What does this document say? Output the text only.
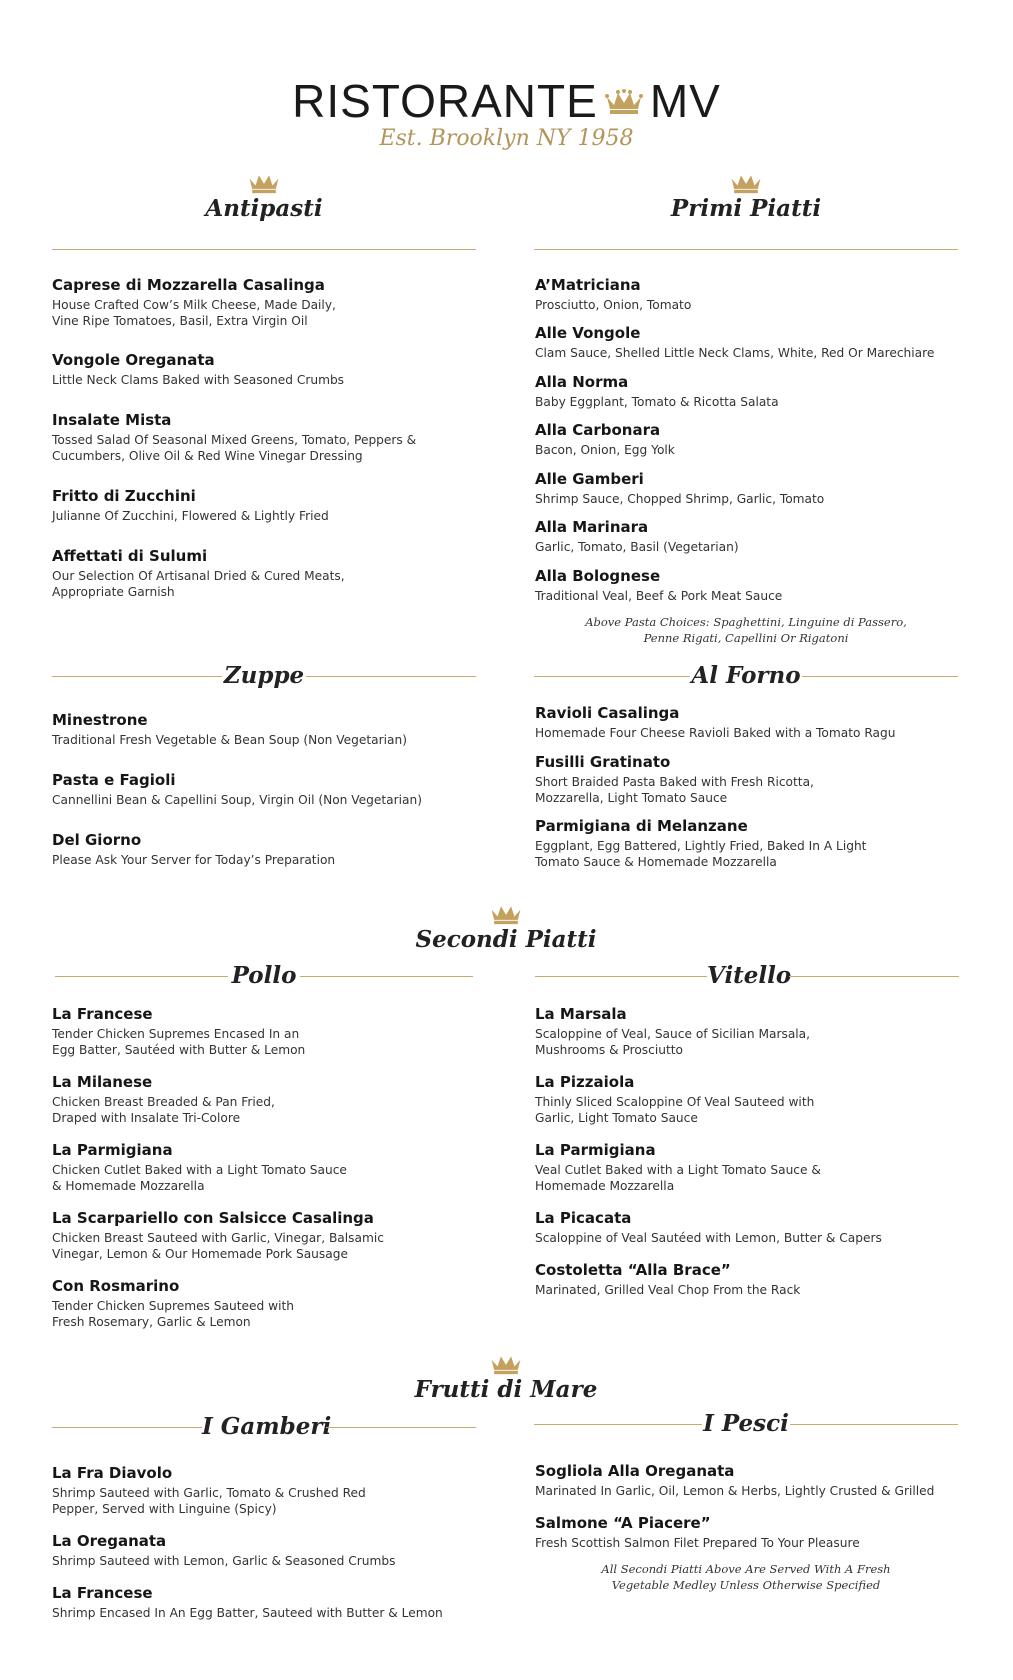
RISTORANTE MV
Est. Brooklyn NY 1958
Antipasti
Caprese di Mozzarella Casalinga
House Crafted Cow’s Milk Cheese, Made Daily,
Vine Ripe Tomatoes, Basil, Extra Virgin Oil
Vongole Oreganata
Little Neck Clams Baked with Seasoned Crumbs
Insalate Mista
Tossed Salad Of Seasonal Mixed Greens, Tomato, Peppers &
Cucumbers, Olive Oil & Red Wine Vinegar Dressing
Fritto di Zucchini
Julianne Of Zucchini, Flowered & Lightly Fried
Affettati di Sulumi
Our Selection Of Artisanal Dried & Cured Meats,
Appropriate Garnish
Primi Piatti
A’Matriciana
Prosciutto, Onion, Tomato
Alle Vongole
Clam Sauce, Shelled Little Neck Clams, White, Red Or Marechiare
Alla Norma
Baby Eggplant, Tomato & Ricotta Salata
Alla Carbonara
Bacon, Onion, Egg Yolk
Alle Gamberi
Shrimp Sauce, Chopped Shrimp, Garlic, Tomato
Alla Marinara
Garlic, Tomato, Basil (Vegetarian)
Alla Bolognese
Traditional Veal, Beef & Pork Meat Sauce
Above Pasta Choices: Spaghettini, Linguine di Passero,
Penne Rigati, Capellini Or Rigatoni
Zuppe
Minestrone
Traditional Fresh Vegetable & Bean Soup (Non Vegetarian)
Pasta e Fagioli
Cannellini Bean & Capellini Soup, Virgin Oil (Non Vegetarian)
Del Giorno
Please Ask Your Server for Today’s Preparation
Al Forno
Ravioli Casalinga
Homemade Four Cheese Ravioli Baked with a Tomato Ragu
Fusilli Gratinato
Short Braided Pasta Baked with Fresh Ricotta,
Mozzarella, Light Tomato Sauce
Parmigiana di Melanzane
Eggplant, Egg Battered, Lightly Fried, Baked In A Light
Tomato Sauce & Homemade Mozzarella
Secondi Piatti
Pollo	Vitello
La Francese
Tender Chicken Supremes Encased In an
Egg Batter, Sautéed with Butter & Lemon
La Milanese
Chicken Breast Breaded & Pan Fried,
Draped with Insalate Tri-Colore
La Parmigiana
Chicken Cutlet Baked with a Light Tomato Sauce
& Homemade Mozzarella
La Scarpariello con Salsicce Casalinga
Chicken Breast Sauteed with Garlic, Vinegar, Balsamic
Vinegar, Lemon & Our Homemade Pork Sausage
Con Rosmarino
Tender Chicken Supremes Sauteed with
Fresh Rosemary, Garlic & Lemon
La Marsala
Scaloppine of Veal, Sauce of Sicilian Marsala,
Mushrooms & Prosciutto
La Pizzaiola
Thinly Sliced Scaloppine Of Veal Sauteed with
Garlic, Light Tomato Sauce
La Parmigiana
Veal Cutlet Baked with a Light Tomato Sauce &
Homemade Mozzarella
La Picacata
Scaloppine of Veal Sautéed with Lemon, Butter & Capers
Costoletta “Alla Brace”
Marinated, Grilled Veal Chop From the Rack
Frutti di Mare
I Gamberi	I Pesci
La Fra Diavolo
Shrimp Sauteed with Garlic, Tomato & Crushed Red
Pepper, Served with Linguine (Spicy)
La Oreganata
Shrimp Sauteed with Lemon, Garlic & Seasoned Crumbs
La Francese
Shrimp Encased In An Egg Batter, Sauteed with Butter & Lemon
Sogliola Alla Oreganata
Marinated In Garlic, Oil, Lemon & Herbs, Lightly Crusted & Grilled
Salmone “A Piacere”
Fresh Scottish Salmon Filet Prepared To Your Pleasure
All Secondi Piatti Above Are Served With A Fresh
Vegetable Medley Unless Otherwise Specified
